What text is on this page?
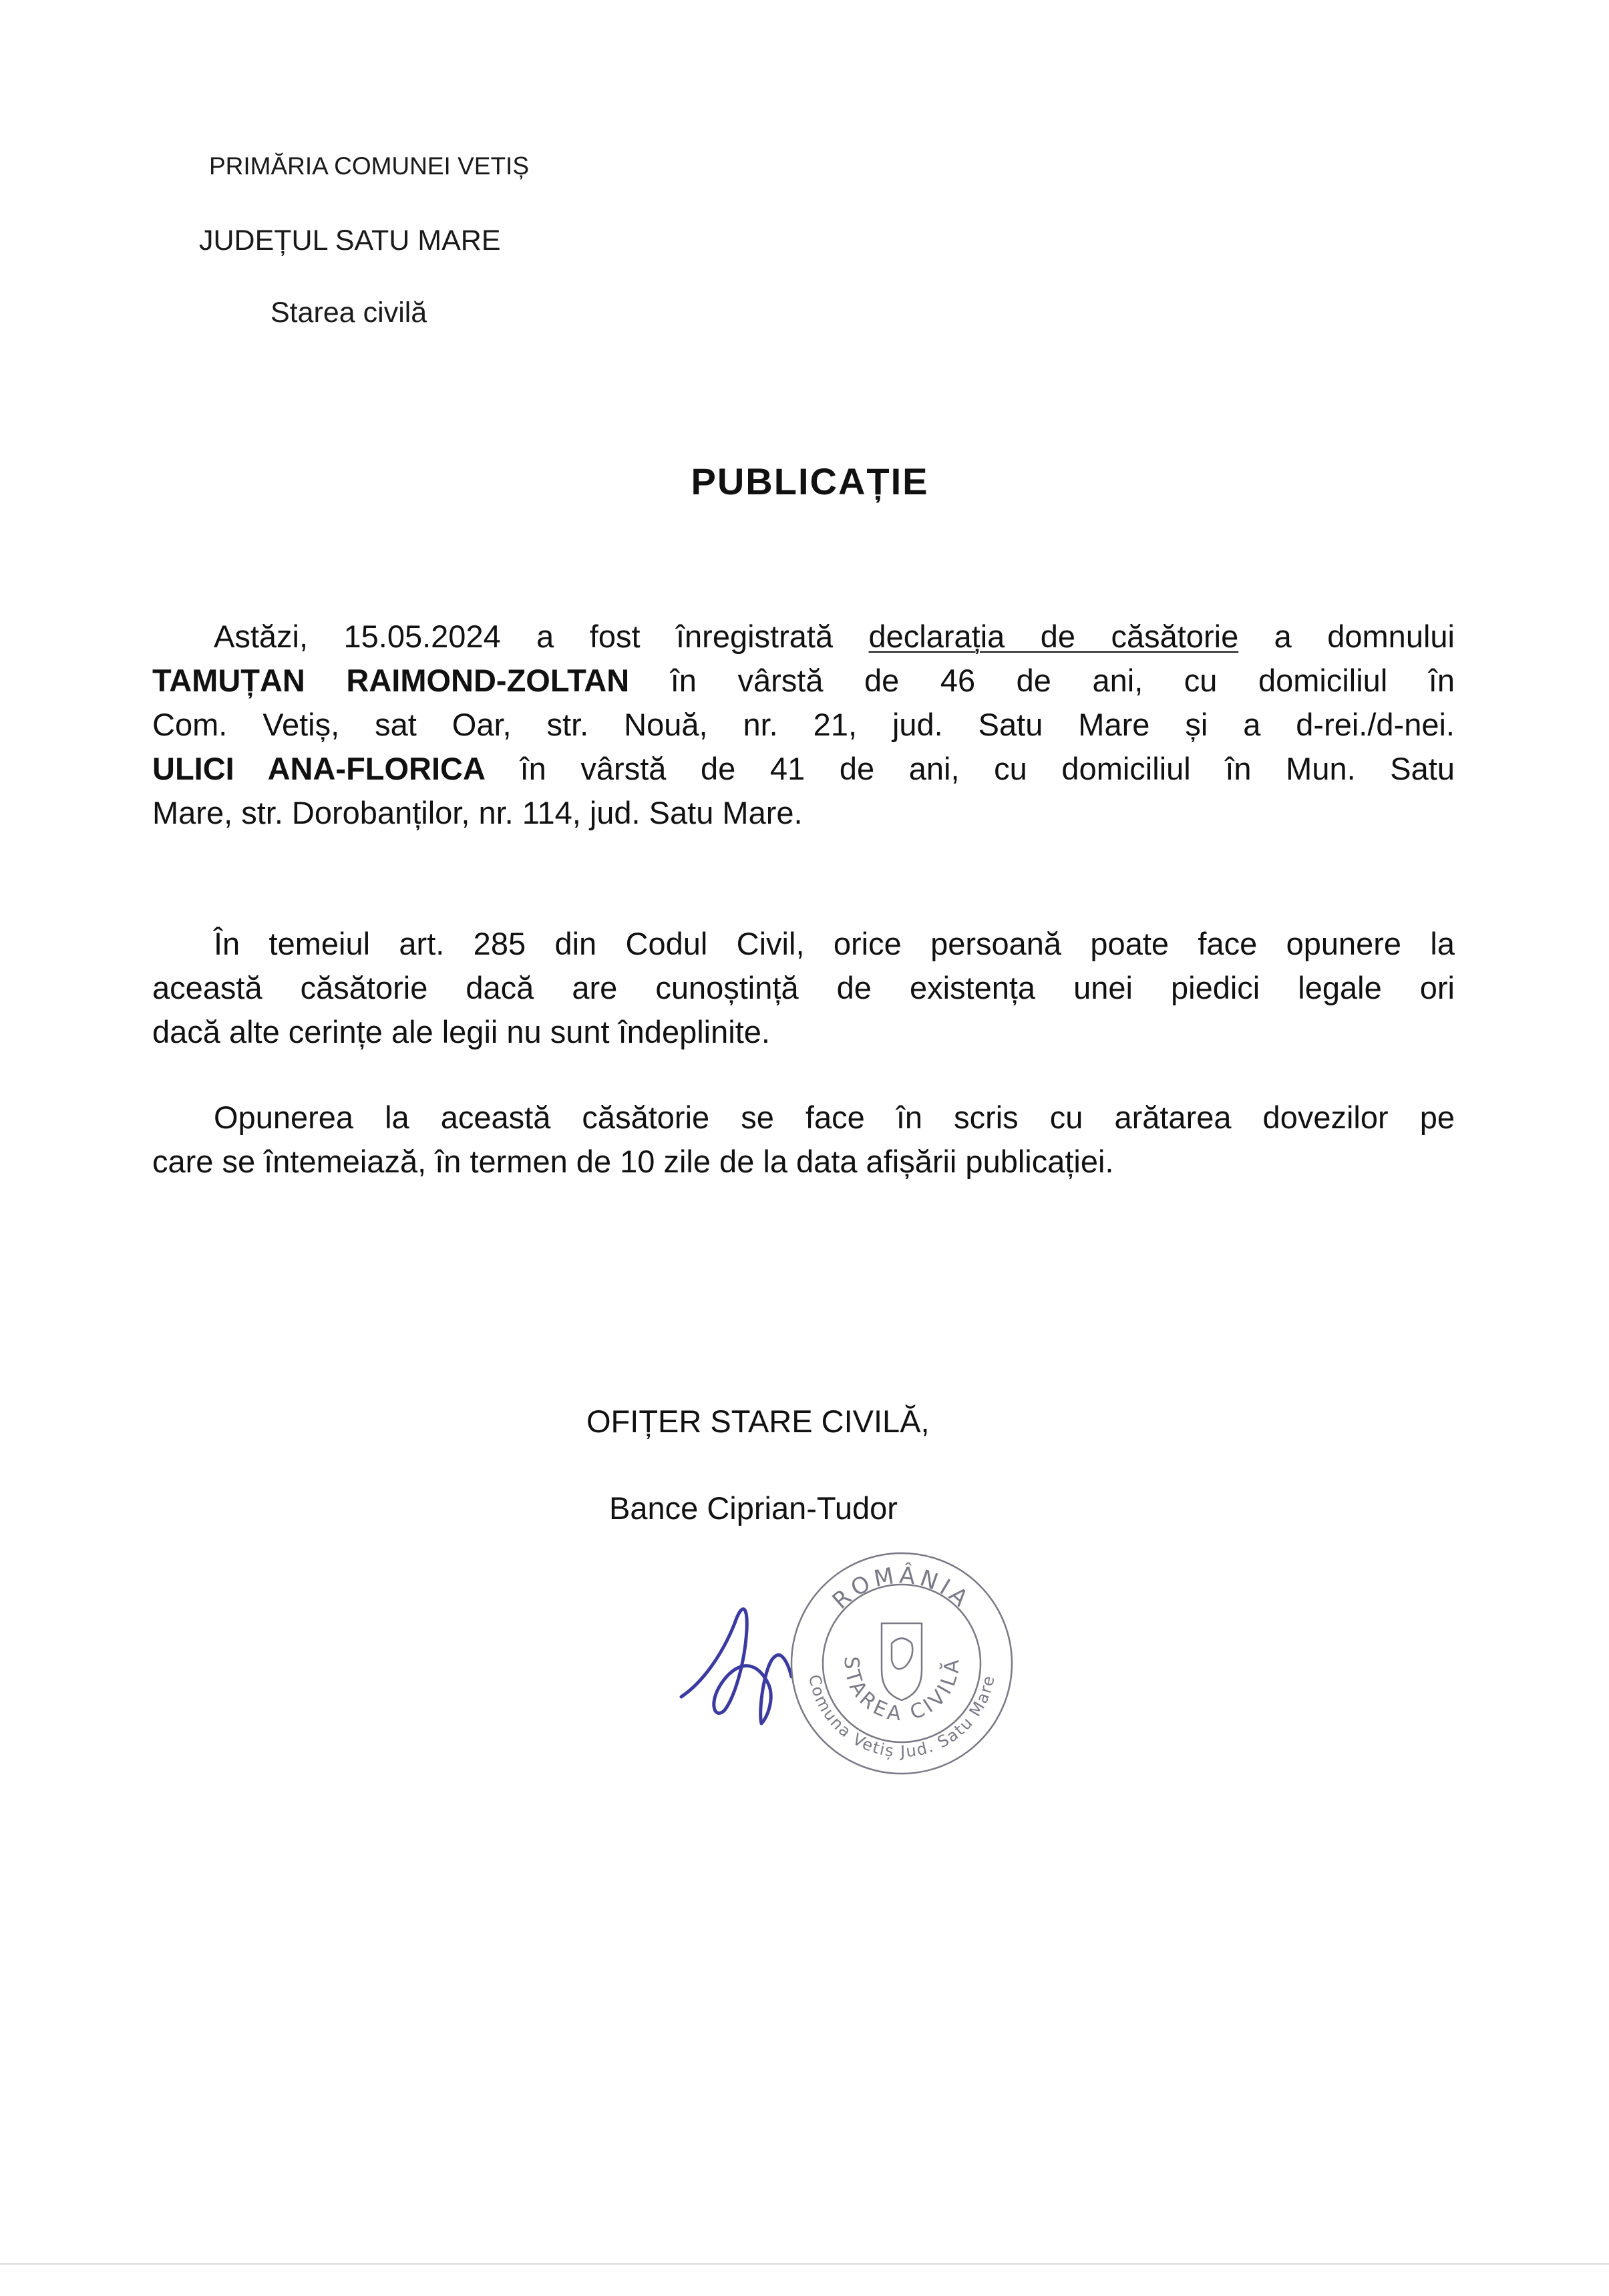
PRIMĂRIA COMUNEI VETIȘ
JUDEȚUL SATU MARE
Starea civilă
PUBLICAȚIE
Astăzi, 15.05.2024 a fost înregistrată declarația de căsătorie a domnului
TAMUȚAN RAIMOND-ZOLTAN în vârstă de 46 de ani, cu domiciliul în
Com. Vetiș, sat Oar, str. Nouă, nr. 21, jud. Satu Mare și a d-rei./d-nei.
ULICI ANA-FLORICA în vârstă de 41 de ani, cu domiciliul în Mun. Satu
Mare, str. Dorobanților, nr. 114, jud. Satu Mare.
În temeiul art. 285 din Codul Civil, orice persoană poate face opunere la
această căsătorie dacă are cunoștință de existența unei piedici legale ori
dacă alte cerințe ale legii nu sunt îndeplinite.
Opunerea la această căsătorie se face în scris cu arătarea dovezilor pe
care se întemeiază, în termen de 10 zile de la data afișării publicației.
OFIȚER STARE CIVILĂ,
Bance Ciprian-Tudor
ROMÂNIA
STAREA CIVILĂ
Comuna Vetiș Jud. Satu Mare
